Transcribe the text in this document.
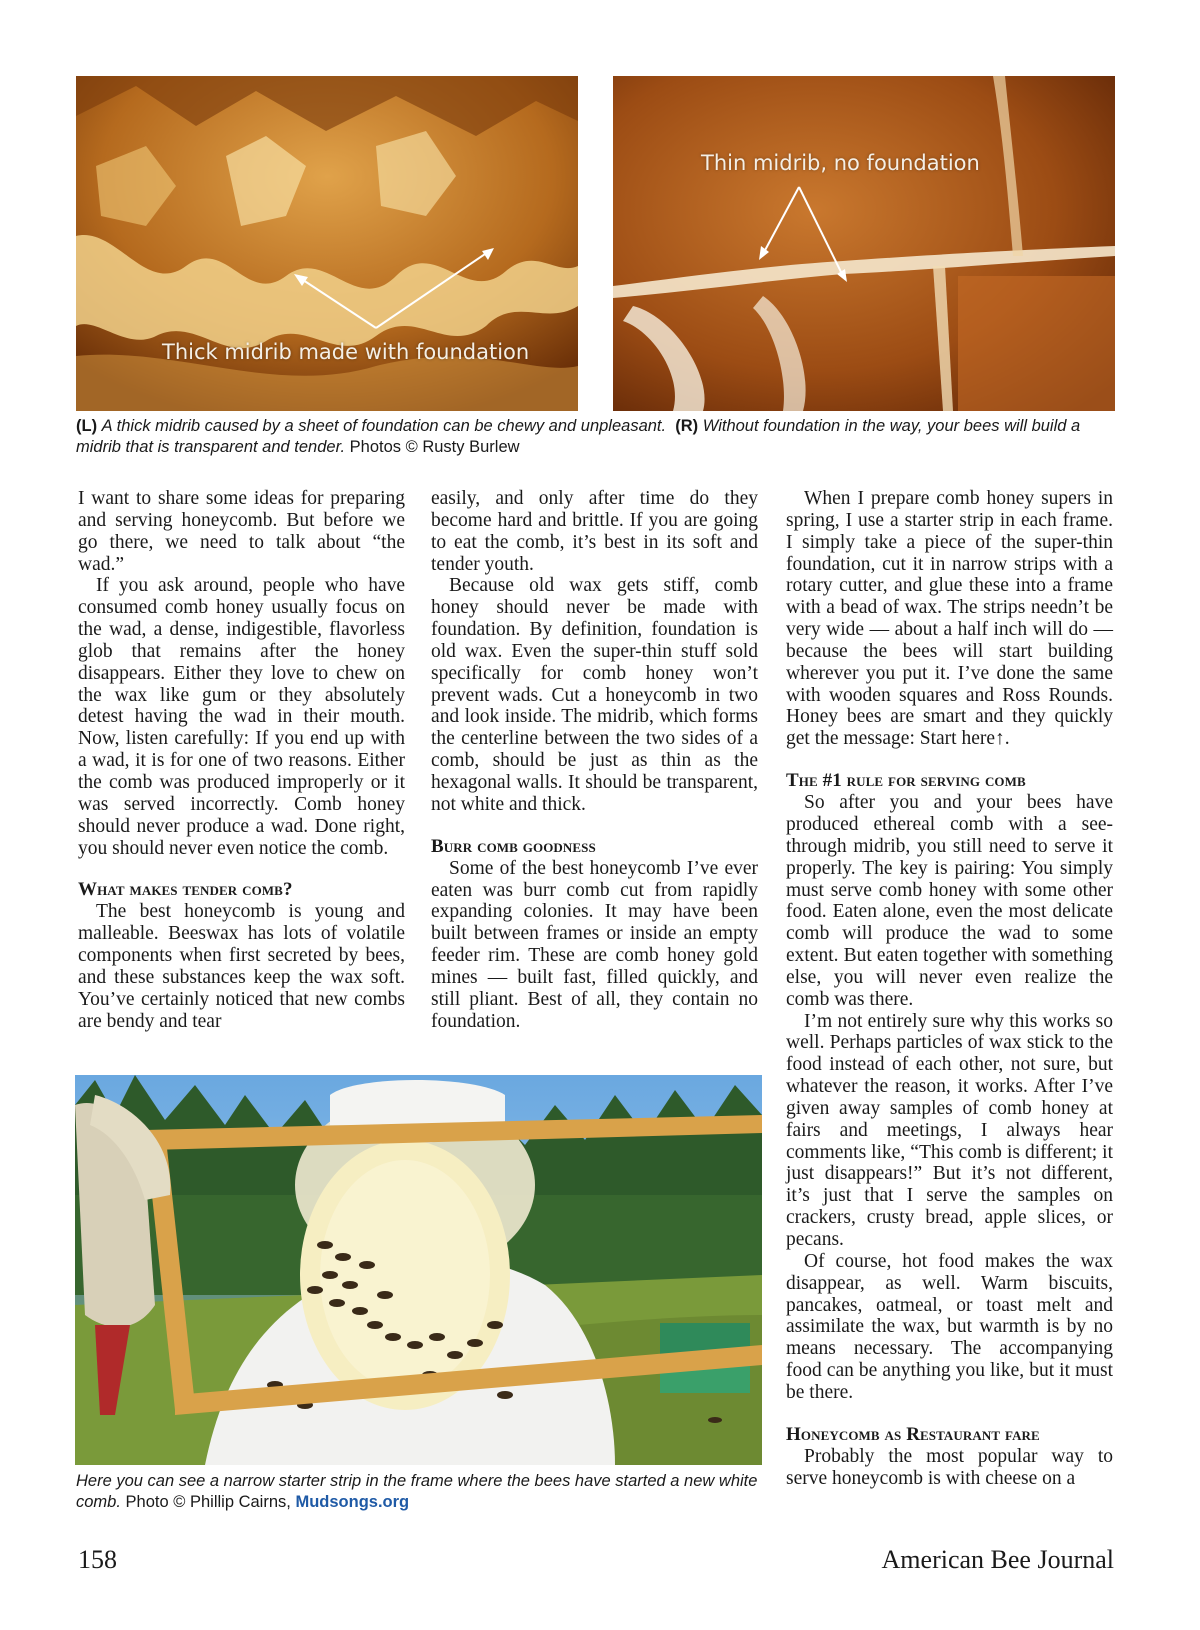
Thick midrib made with foundation
Thin midrib, no foundation
(L) A thick midrib caused by a sheet of foundation can be chewy and unpleasant. (R) Without foundation in the way, your bees will build a midrib that is transparent and tender. Photos © Rusty Burlew

I want to share some ideas for preparing and serving honeycomb. But before we go there, we need to talk about “the wad.”

If you ask around, people who have consumed comb honey usually focus on the wad, a dense, indigestible, flavorless glob that remains after the honey disappears. Either they love to chew on the wax like gum or they absolutely detest having the wad in their mouth. Now, listen carefully: If you end up with a wad, it is for one of two reasons. Either the comb was produced improperly or it was served incorrectly. Comb honey should never produce a wad. Done right, you should never even notice the comb.

What makes tender comb?

The best honeycomb is young and malleable. Beeswax has lots of volatile components when first secreted by bees, and these substances keep the wax soft. You’ve certainly noticed that new combs are bendy and tear

easily, and only after time do they become hard and brittle. If you are going to eat the comb, it’s best in its soft and tender youth.

Because old wax gets stiff, comb honey should never be made with foundation. By definition, foundation is old wax. Even the super-thin stuff sold specifically for comb honey won’t prevent wads. Cut a honeycomb in two and look inside. The midrib, which forms the centerline between the two sides of a comb, should be just as thin as the hexagonal walls. It should be transparent, not white and thick.

Burr comb goodness

Some of the best honeycomb I’ve ever eaten was burr comb cut from rapidly expanding colonies. It may have been built between frames or inside an empty feeder rim. These are comb honey gold mines — built fast, filled quickly, and still pliant. Best of all, they contain no foundation.

When I prepare comb honey supers in spring, I use a starter strip in each frame. I simply take a piece of the super-thin foundation, cut it in narrow strips with a rotary cutter, and glue these into a frame with a bead of wax. The strips needn’t be very wide — about a half inch will do — because the bees will start building wherever you put it. I’ve done the same with wooden squares and Ross Rounds. Honey bees are smart and they quickly get the message: Start here↑.

The #1 rule for serving comb

So after you and your bees have produced ethereal comb with a see-through midrib, you still need to serve it properly. The key is pairing: You simply must serve comb honey with some other food. Eaten alone, even the most delicate comb will produce the wad to some extent. But eaten together with something else, you will never even realize the comb was there.

I’m not entirely sure why this works so well. Perhaps particles of wax stick to the food instead of each other, not sure, but whatever the reason, it works. After I’ve given away samples of comb honey at fairs and meetings, I always hear comments like, “This comb is different; it just disappears!” But it’s not different, it’s just that I serve the samples on crackers, crusty bread, apple slices, or pecans.

Of course, hot food makes the wax disappear, as well. Warm biscuits, pancakes, oatmeal, or toast melt and assimilate the wax, but warmth is by no means necessary. The accompanying food can be anything you like, but it must be there.

Honeycomb as Restaurant fare

Probably the most popular way to serve honeycomb is with cheese on a

Here you can see a narrow starter strip in the frame where the bees have started a new white comb. Photo © Phillip Cairns, Mudsongs.org
158	American Bee Journal
